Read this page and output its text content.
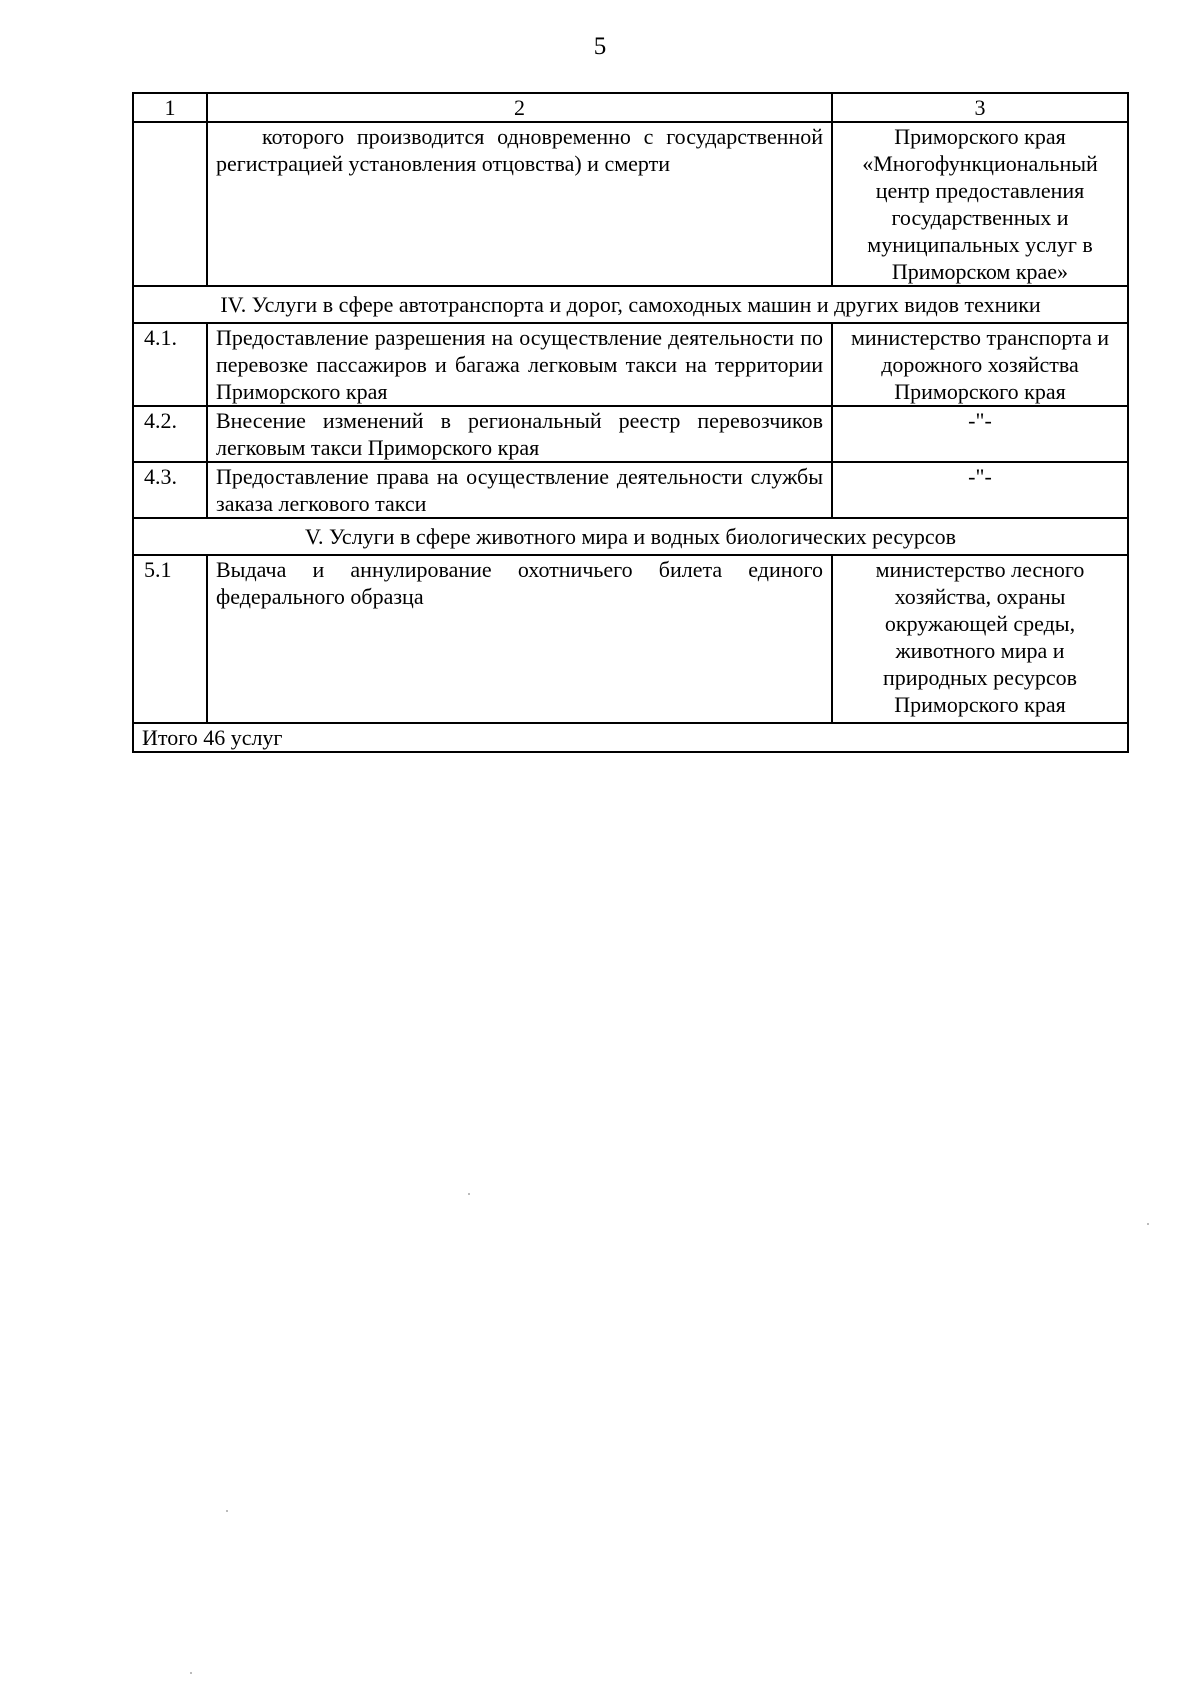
5
1	2	3
	которого производится одновременно с государственной регистрацией установления отцовства) и смерти	Приморского края «Многофункциональный центр предоставления государственных и муниципальных услуг в Приморском крае»
IV. Услуги в сфере автотранспорта и дорог, самоходных машин и других видов техники		
4.1.	Предоставление разрешения на осуществление деятельности по перевозке пассажиров и багажа легковым такси на территории Приморского края	министерство транспорта и дорожного хозяйства Приморского края
4.2.	Внесение изменений в региональный реестр перевозчиков легковым такси Приморского края	-"-
4.3.	Предоставление права на осуществление деятельности службы заказа легкового такси	-"-
V. Услуги в сфере животного мира и водных биологических ресурсов		
5.1	Выдача и аннулирование охотничьего билета единого федерального образца	министерство лесного хозяйства, охраны окружающей среды, животного мира и природных ресурсов Приморского края
Итого 46 услуг		
